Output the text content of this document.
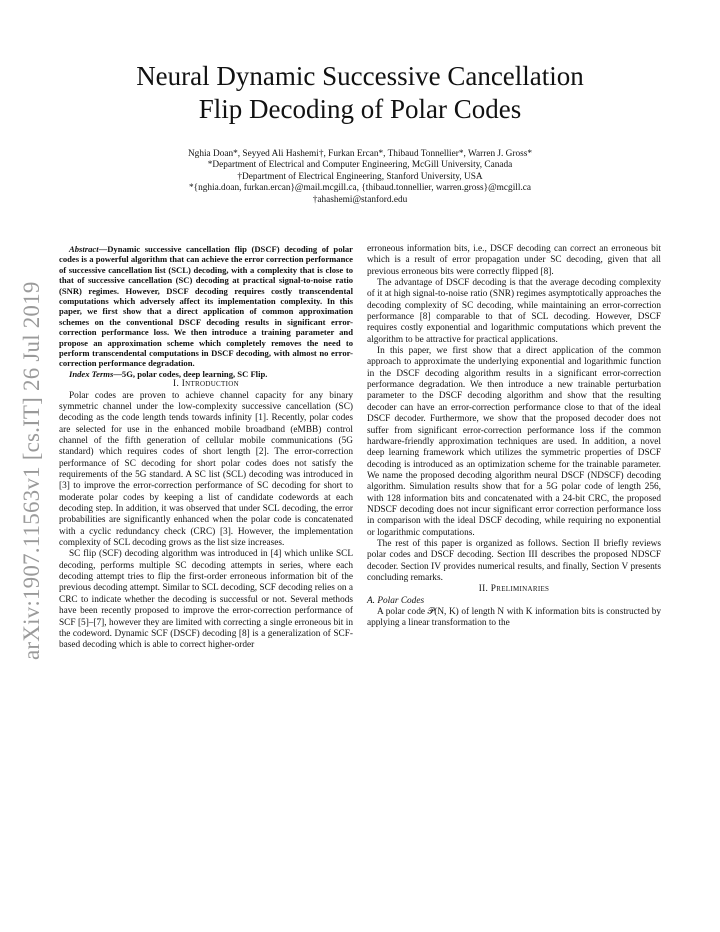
arXiv:1907.11563v1 [cs.IT] 26 Jul 2019
Neural Dynamic Successive Cancellation
Flip Decoding of Polar Codes
Nghia Doan*, Seyyed Ali Hashemi†, Furkan Ercan*, Thibaud Tonnellier*, Warren J. Gross*
*Department of Electrical and Computer Engineering, McGill University, Canada
†Department of Electrical Engineering, Stanford University, USA
*{nghia.doan, furkan.ercan}@mail.mcgill.ca, {thibaud.tonnellier, warren.gross}@mcgill.ca
†ahashemi@stanford.edu

Abstract—Dynamic successive cancellation flip (DSCF) decoding of polar codes is a powerful algorithm that can achieve the error correction performance of successive cancellation list (SCL) decoding, with a complexity that is close to that of successive cancellation (SC) decoding at practical signal-to-noise ratio (SNR) regimes. However, DSCF decoding requires costly transcendental computations which adversely affect its implementation complexity. In this paper, we first show that a direct application of common approximation schemes on the conventional DSCF decoding results in significant error-correction performance loss. We then introduce a training parameter and propose an approximation scheme which completely removes the need to perform transcendental computations in DSCF decoding, with almost no error-correction performance degradation.

Index Terms—5G, polar codes, deep learning, SC Flip.

I. Introduction

Polar codes are proven to achieve channel capacity for any binary symmetric channel under the low-complexity successive cancellation (SC) decoding as the code length tends towards infinity [1]. Recently, polar codes are selected for use in the enhanced mobile broadband (eMBB) control channel of the fifth generation of cellular mobile communications (5G standard) which requires codes of short length [2]. The error-correction performance of SC decoding for short polar codes does not satisfy the requirements of the 5G standard. A SC list (SCL) decoding was introduced in [3] to improve the error-correction performance of SC decoding for short to moderate polar codes by keeping a list of candidate codewords at each decoding step. In addition, it was observed that under SCL decoding, the error probabilities are significantly enhanced when the polar code is concatenated with a cyclic redundancy check (CRC) [3]. However, the implementation complexity of SCL decoding grows as the list size increases.

SC flip (SCF) decoding algorithm was introduced in [4] which unlike SCL decoding, performs multiple SC decoding attempts in series, where each decoding attempt tries to flip the first-order erroneous information bit of the previous decoding attempt. Similar to SCL decoding, SCF decoding relies on a CRC to indicate whether the decoding is successful or not. Several methods have been recently proposed to improve the error-correction performance of SCF [5]–[7], however they are limited with correcting a single erroneous bit in the codeword. Dynamic SCF (DSCF) decoding [8] is a generalization of SCF-based decoding which is able to correct higher-order

erroneous information bits, i.e., DSCF decoding can correct an erroneous bit which is a result of error propagation under SC decoding, given that all previous erroneous bits were correctly flipped [8].

The advantage of DSCF decoding is that the average decoding complexity of it at high signal-to-noise ratio (SNR) regimes asymptotically approaches the decoding complexity of SC decoding, while maintaining an error-correction performance [8] comparable to that of SCL decoding. However, DSCF requires costly exponential and logarithmic computations which prevent the algorithm to be attractive for practical applications.

In this paper, we first show that a direct application of the common approach to approximate the underlying exponential and logarithmic function in the DSCF decoding algorithm results in a significant error-correction performance degradation. We then introduce a new trainable perturbation parameter to the DSCF decoding algorithm and show that the resulting decoder can have an error-correction performance close to that of the ideal DSCF decoder. Furthermore, we show that the proposed decoder does not suffer from significant error-correction performance loss if the common hardware-friendly approximation techniques are used. In addition, a novel deep learning framework which utilizes the symmetric properties of DSCF decoding is introduced as an optimization scheme for the trainable parameter. We name the proposed decoding algorithm neural DSCF (NDSCF) decoding algorithm. Simulation results show that for a 5G polar code of length 256, with 128 information bits and concatenated with a 24-bit CRC, the proposed NDSCF decoding does not incur significant error correction performance loss in comparison with the ideal DSCF decoding, while requiring no exponential or logarithmic computations.

The rest of this paper is organized as follows. Section II briefly reviews polar codes and DSCF decoding. Section III describes the proposed NDSCF decoder. Section IV provides numerical results, and finally, Section V presents concluding remarks.

II. Preliminaries

A. Polar Codes

A polar code 𝒫(N, K) of length N with K information bits is constructed by applying a linear transformation to the
